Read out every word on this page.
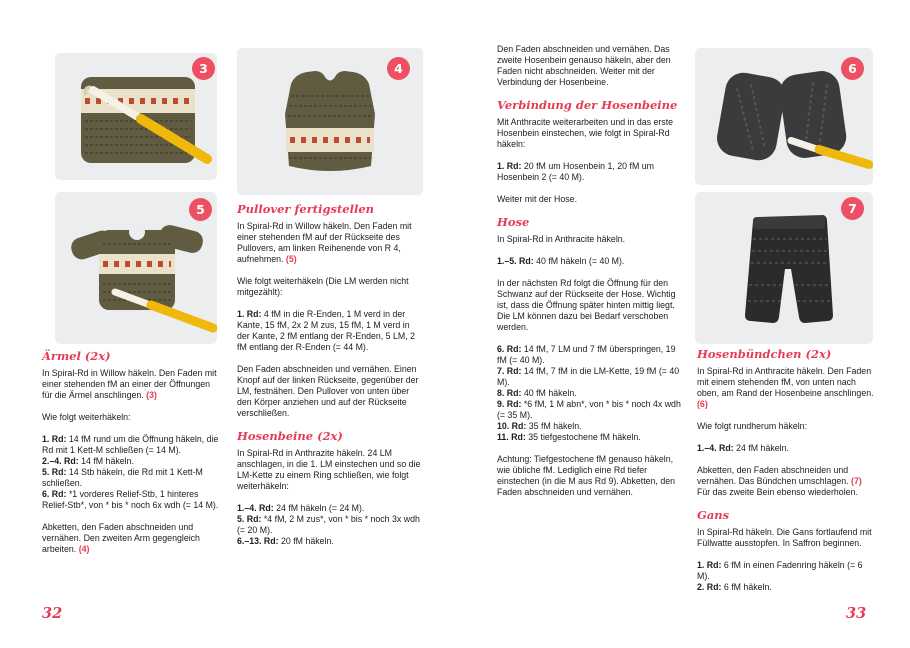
3	4
5
Ärmel (2x)

In Spiral-Rd in Willow häkeln. Den Faden mit einer stehenden fM an einer der Öffnungen für die Ärmel anschlingen. (3)

Wie folgt weiterhäkeln:

1. Rd: 14 fM rund um die Öffnung häkeln, die Rd mit 1 Kett-M schließen (= 14 M).

2.–4. Rd: 14 fM häkeln.

5. Rd: 14 Stb häkeln, die Rd mit 1 Kett-M schließen.

6. Rd: *1 vorderes Relief-Stb, 1 hinteres Relief-Stb*, von * bis * noch 6x wdh (= 14 M).

Abketten, den Faden abschneiden und vernähen. Den zweiten Arm gegengleich arbeiten. (4)

Pullover fertigstellen

In Spiral-Rd in Willow häkeln. Den Faden mit einer stehenden fM auf der Rückseite des Pullovers, am linken Reihenende von R 4, aufnehmen. (5)

Wie folgt weiterhäkeln (Die LM werden nicht mitgezählt):

1. Rd: 4 fM in die R-Enden, 1 M verd in der Kante, 15 fM, 2x 2 M zus, 15 fM, 1 M verd in der Kante, 2 fM entlang der R-Enden, 5 LM, 2 fM entlang der R-Enden (= 44 M).

Den Faden abschneiden und vernähen. Einen Knopf auf der linken Rückseite, gegenüber der LM, festnähen. Den Pullover von unten über den Körper anziehen und auf der Rückseite verschließen.

Hosenbeine (2x)

In Spiral-Rd in Anthrazite häkeln. 24 LM anschlagen, in die 1. LM einstechen und so die LM-Kette zu einem Ring schließen, wie folgt weiterhäkeln:

1.–4. Rd: 24 fM häkeln (= 24 M).

5. Rd: *4 fM, 2 M zus*, von * bis * noch 3x wdh (= 20 M).

6.–13. Rd: 20 fM häkeln.

32
6
7

Den Faden abschneiden und vernähen. Das zweite Hosenbein genauso häkeln, aber den Faden nicht abschneiden. Weiter mit der Verbindung der Hosenbeine.

Verbindung der Hosenbeine

Mit Anthracite weiterarbeiten und in das erste Hosenbein einstechen, wie folgt in Spiral-Rd häkeln:

1. Rd: 20 fM um Hosenbein 1, 20 fM um Hosenbein 2 (= 40 M).

Weiter mit der Hose.

Hose

In Spiral-Rd in Anthracite häkeln.

1.–5. Rd: 40 fM häkeln (= 40 M).

In der nächsten Rd folgt die Öffnung für den Schwanz auf der Rückseite der Hose. Wichtig ist, dass die Öffnung später hinten mittig liegt. Die LM können dazu bei Bedarf verschoben werden.

6. Rd: 14 fM, 7 LM und 7 fM überspringen, 19 fM (= 40 M).

7. Rd: 14 fM, 7 fM in die LM-Kette, 19 fM (= 40 M).

8. Rd: 40 fM häkeln.

9. Rd: *6 fM, 1 M abn*, von * bis * noch 4x wdh (= 35 M).

10. Rd: 35 fM häkeln.

11. Rd: 35 tiefgestochene fM häkeln.

Achtung: Tiefgestochene fM genauso häkeln, wie übliche fM. Lediglich eine Rd tiefer einstechen (in die M aus Rd 9). Abketten, den Faden abschneiden und vernähen.

Hosenbündchen (2x)

In Spiral-Rd in Anthracite häkeln. Den Faden mit einem stehenden fM, von unten nach oben, am Rand der Hosenbeine anschlingen. (6)

Wie folgt rundherum häkeln:

1.–4. Rd: 24 fM häkeln.

Abketten, den Faden abschneiden und vernähen. Das Bündchen umschlagen. (7)

Für das zweite Bein ebenso wiederholen.

Gans

In Spiral-Rd häkeln. Die Gans fortlaufend mit Füllwatte ausstopfen. In Saffron beginnen.

1. Rd: 6 fM in einen Fadenring häkeln (= 6 M).

2. Rd: 6 fM häkeln.

33
